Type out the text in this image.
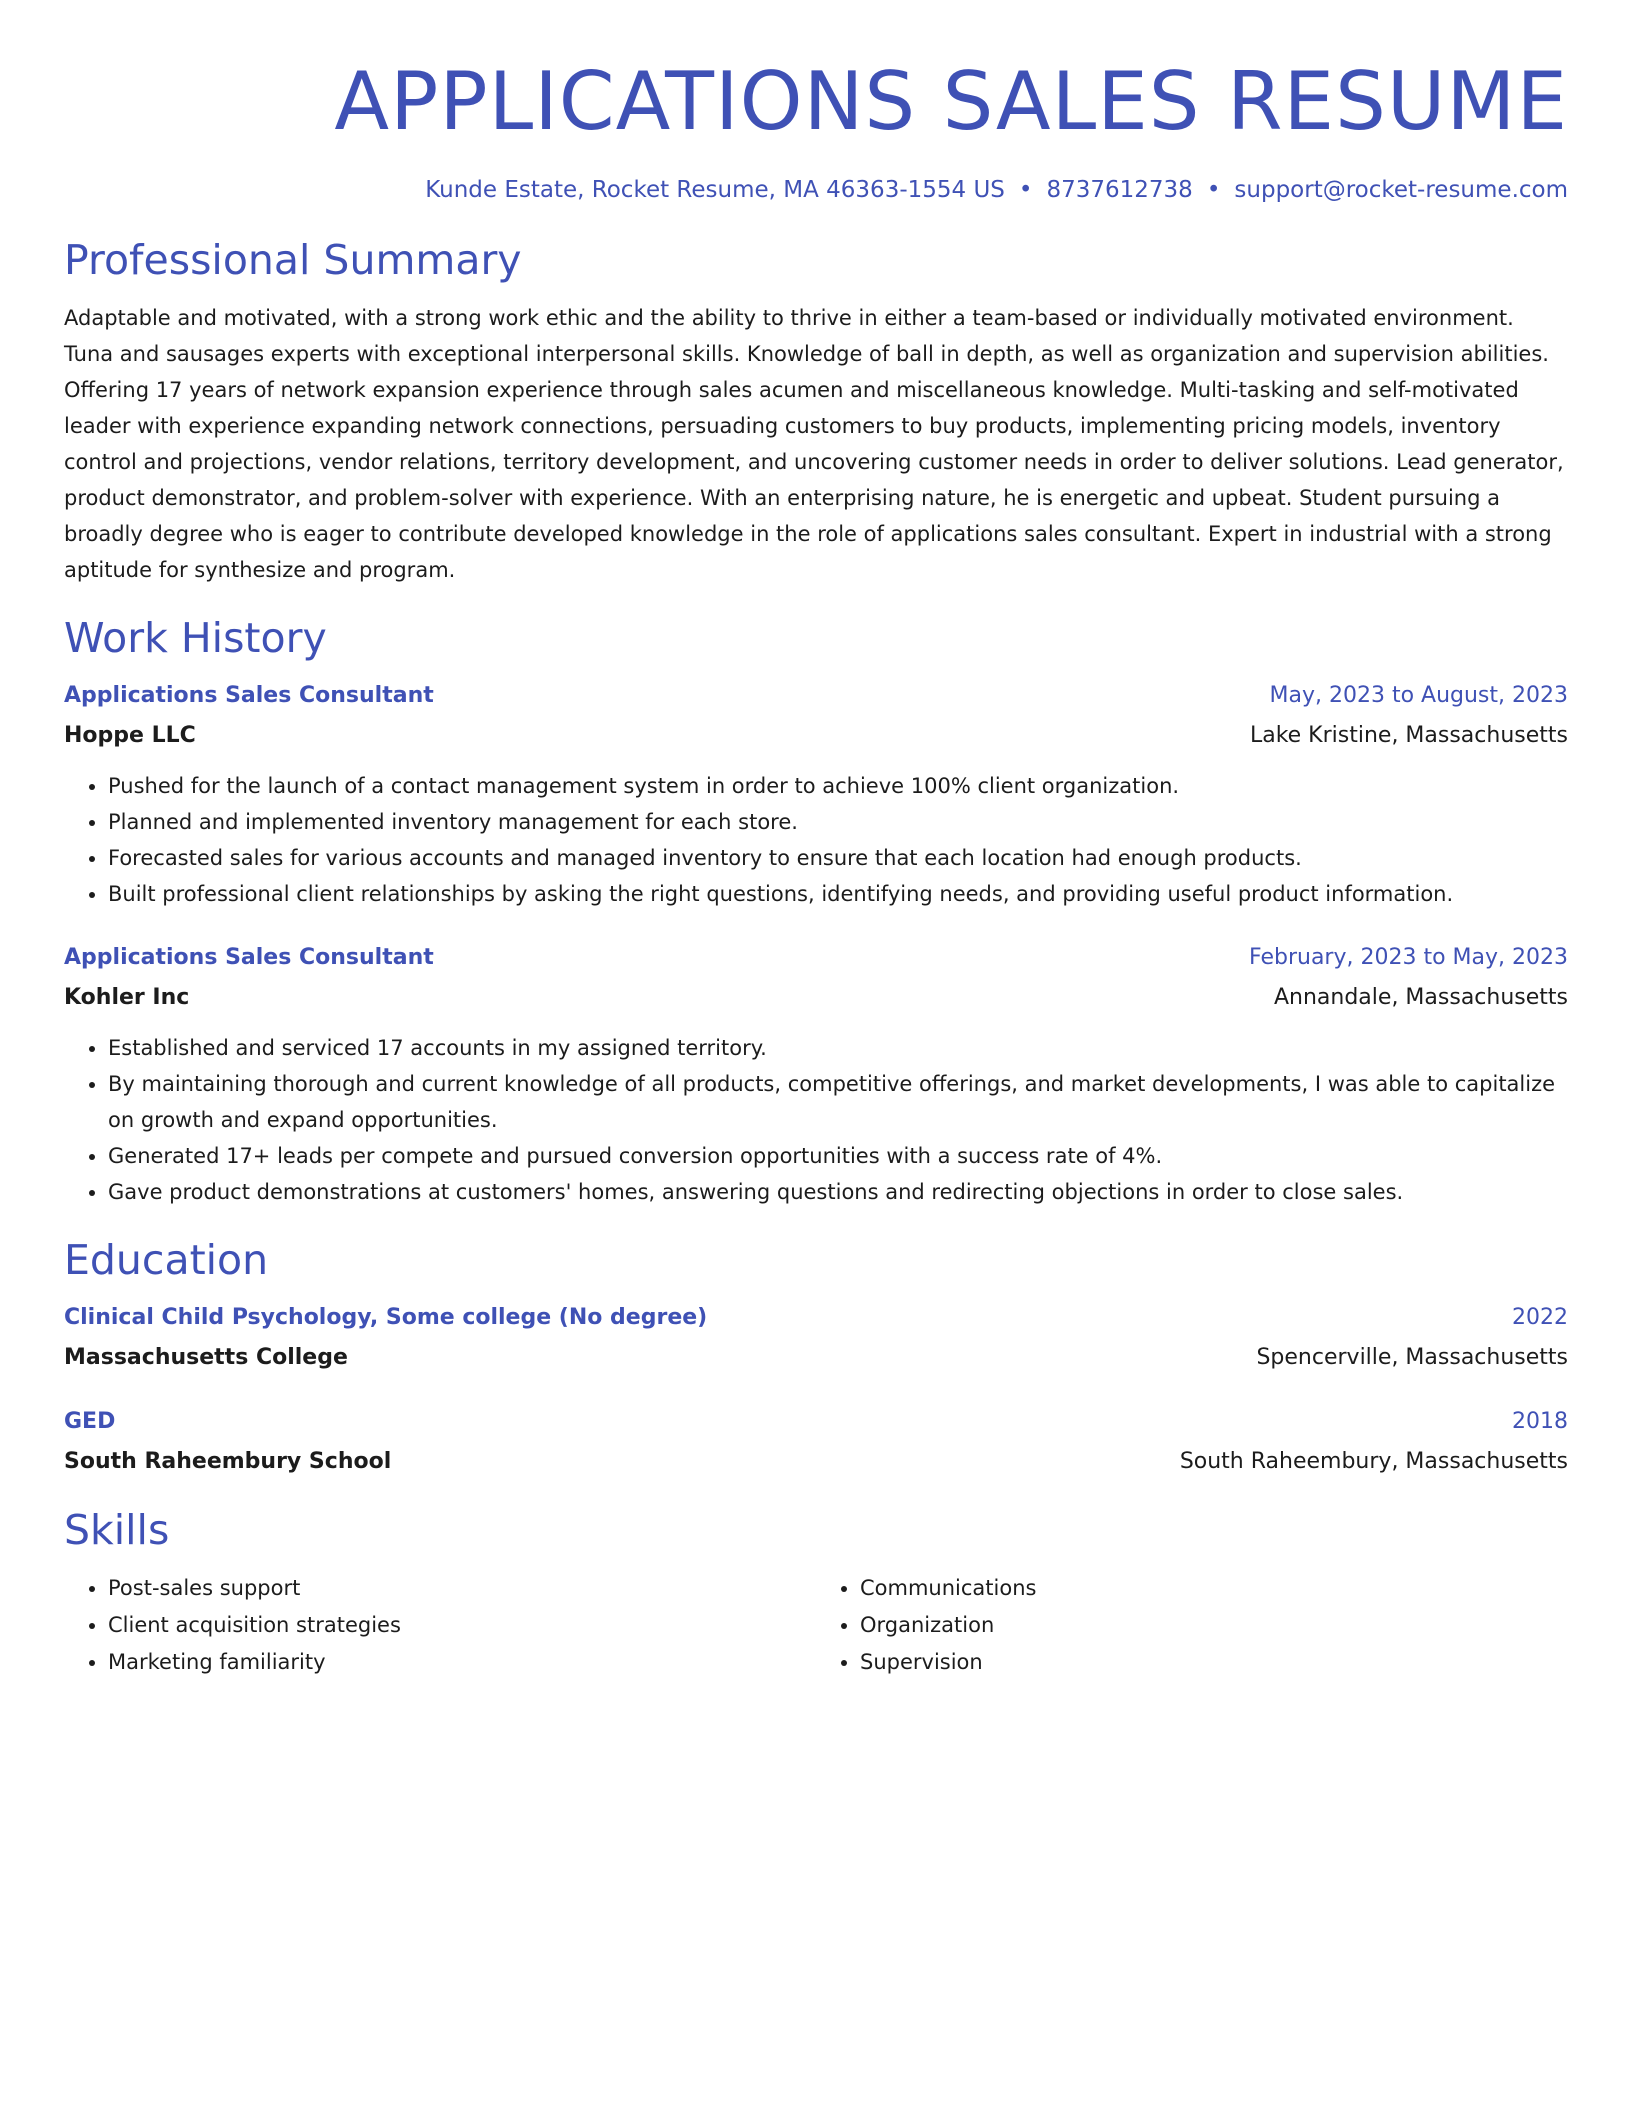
APPLICATIONS SALES RESUME
Kunde Estate, Rocket Resume, MA 46363-1554 US • 8737612738 • support@rocket-resume.com
Professional Summary
Adaptable and motivated, with a strong work ethic and the ability to thrive in either a team-based or individually motivated environment. Tuna and sausages experts with exceptional interpersonal skills. Knowledge of ball in depth, as well as organization and supervision abilities. Offering 17 years of network expansion experience through sales acumen and miscellaneous knowledge. Multi-tasking and self-motivated leader with experience expanding network connections, persuading customers to buy products, implementing pricing models, inventory control and projections, vendor relations, territory development, and uncovering customer needs in order to deliver solutions. Lead generator, product demonstrator, and problem-solver with experience. With an enterprising nature, he is energetic and upbeat. Student pursuing a broadly degree who is eager to contribute developed knowledge in the role of applications sales consultant. Expert in industrial with a strong aptitude for synthesize and program.
Work History
Applications Sales Consultant	May, 2023 to August, 2023
Hoppe LLC	Lake Kristine, Massachusetts
• Pushed for the launch of a contact management system in order to achieve 100% client organization.
• Planned and implemented inventory management for each store.
• Forecasted sales for various accounts and managed inventory to ensure that each location had enough products.
• Built professional client relationships by asking the right questions, identifying needs, and providing useful product information.
Applications Sales Consultant	February, 2023 to May, 2023
Kohler Inc	Annandale, Massachusetts
• Established and serviced 17 accounts in my assigned territory.
• By maintaining thorough and current knowledge of all products, competitive offerings, and market developments, I was able to capitalize on growth and expand opportunities.
• Generated 17+ leads per compete and pursued conversion opportunities with a success rate of 4%.
• Gave product demonstrations at customers' homes, answering questions and redirecting objections in order to close sales.
Education
Clinical Child Psychology, Some college (No degree)	2022
Massachusetts College	Spencerville, Massachusetts
GED	2018
South Raheembury School	South Raheembury, Massachusetts
Skills
• Post-sales support
• Client acquisition strategies
• Marketing familiarity
• Communications
• Organization
• Supervision
